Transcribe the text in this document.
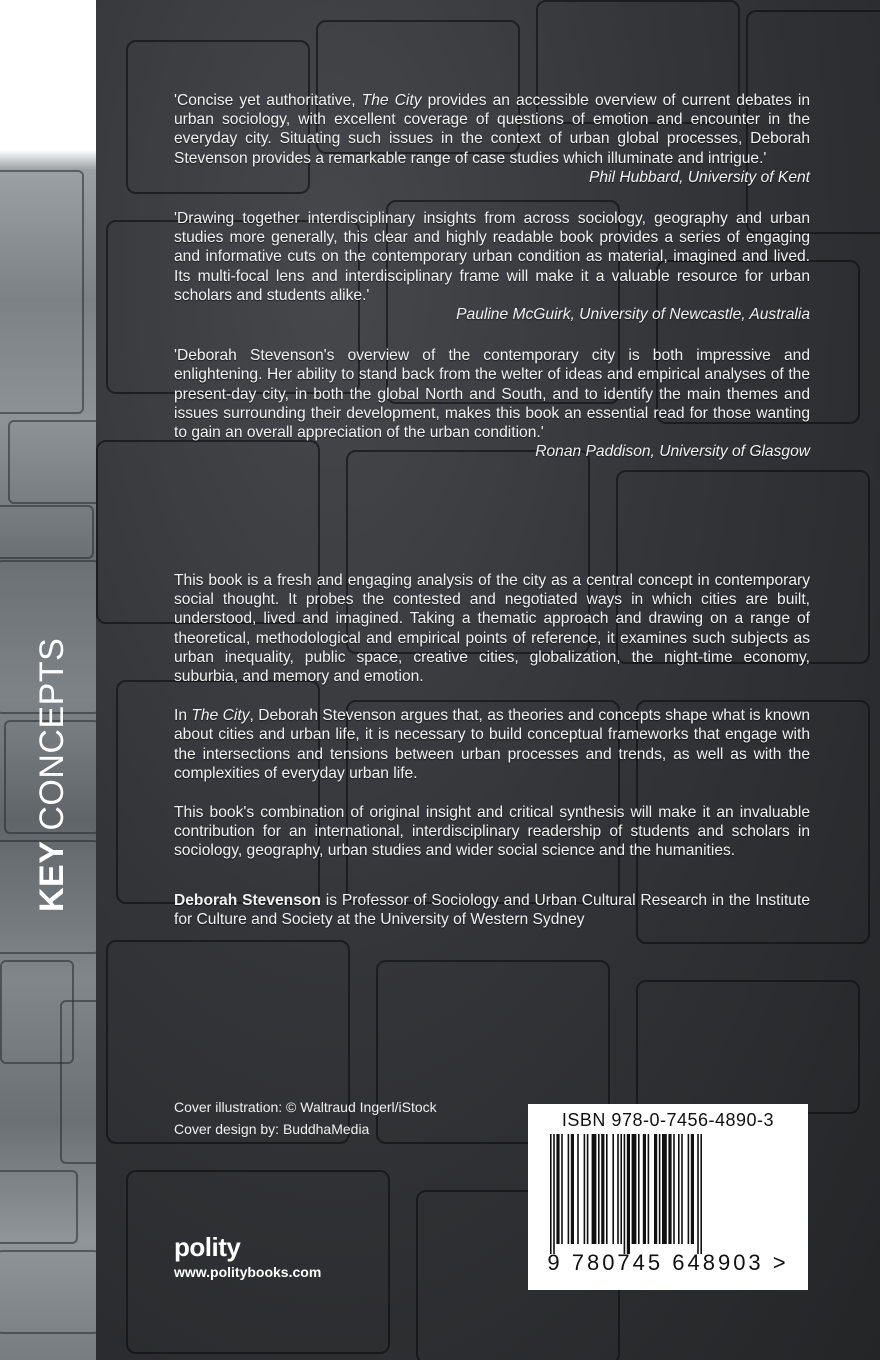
KEY CONCEPTS

'Concise yet authoritative, The City provides an accessible overview of current debates in urban sociology, with excellent coverage of questions of emotion and encounter in the everyday city. Situating such issues in the context of urban global processes, Deborah Stevenson provides a remarkable range of case studies which illuminate and intrigue.'

Phil Hubbard, University of Kent

'Drawing together interdisciplinary insights from across sociology, geography and urban studies more generally, this clear and highly readable book provides a series of engaging and informative cuts on the contemporary urban condition as material, imagined and lived. Its multi-focal lens and interdisciplinary frame will make it a valuable resource for urban scholars and students alike.'

Pauline McGuirk, University of Newcastle, Australia

'Deborah Stevenson's overview of the contemporary city is both impressive and enlightening. Her ability to stand back from the welter of ideas and empirical analyses of the present-day city, in both the global North and South, and to identify the main themes and issues surrounding their development, makes this book an essential read for those wanting to gain an overall appreciation of the urban condition.'

Ronan Paddison, University of Glasgow

This book is a fresh and engaging analysis of the city as a central concept in contemporary social thought. It probes the contested and negotiated ways in which cities are built, understood, lived and imagined. Taking a thematic approach and drawing on a range of theoretical, methodological and empirical points of reference, it examines such subjects as urban inequality, public space, creative cities, globalization, the night-time economy, suburbia, and memory and emotion.

In The City, Deborah Stevenson argues that, as theories and concepts shape what is known about cities and urban life, it is necessary to build conceptual frameworks that engage with the intersections and tensions between urban processes and trends, as well as with the complexities of everyday urban life.

This book's combination of original insight and critical synthesis will make it an invaluable contribution for an international, interdisciplinary readership of students and scholars in sociology, geography, urban studies and wider social science and the humanities.

Deborah Stevenson is Professor of Sociology and Urban Cultural Research in the Institute for Culture and Society at the University of Western Sydney

Cover illustration: © Waltraud Ingerl/iStock
Cover design by: BuddhaMedia
polity
www.politybooks.com
ISBN 978-0-7456-4890-3
9 780745 648903 >
